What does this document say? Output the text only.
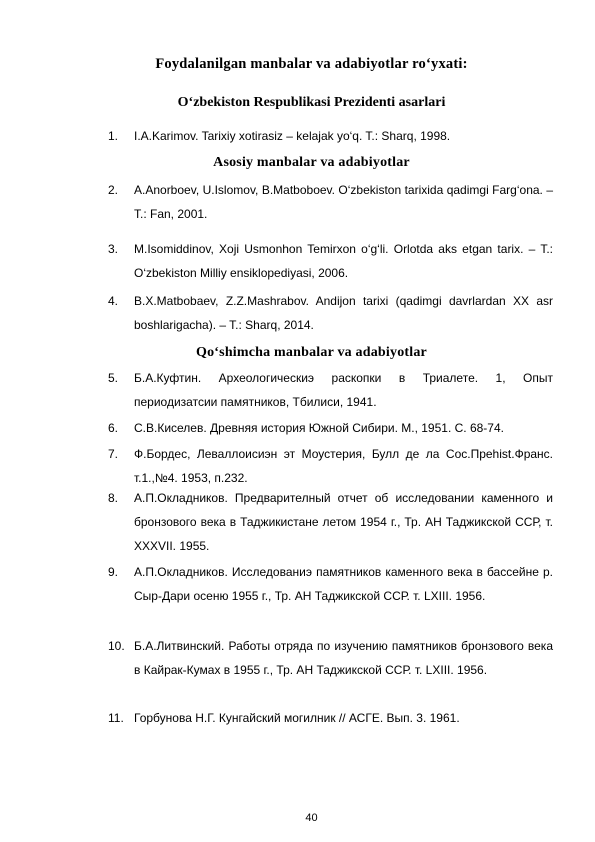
Foydalanilgan manbalar va adabiyotlar ro‘yxati:
O‘zbekiston Respublikasi Prezidenti asarlari
1. I.A.Karimov. Tarixiy xotirasiz – kelajak yo‘q. T.: Sharq, 1998.
Asosiy manbalar va adabiyotlar
2. A.Anorboev, U.Islomov, B.Matboboev. O‘zbekiston tarixida qadimgi Farg‘ona. – T.: Fan, 2001.
3. M.Isomiddinov, Xoji Usmonhon Temirxon o‘g‘li. Orlotda aks etgan tarix. – T.: O‘zbekiston Milliy ensiklopediyasi, 2006.
4. B.X.Matbobaev, Z.Z.Mashrabov. Andijon tarixi (qadimgi davrlardan XX asr boshlarigacha). – T.: Sharq, 2014.
Qo‘shimcha manbalar va adabiyotlar
5. Б.А.Куфтин. Археологическиэ раскопки в Триалете. 1, Опыт периодизатсии памятников, Тбилиси, 1941.
6. С.В.Киселев. Древняя история Южной Сибири. М., 1951. С. 68-74.
7. Ф.Бордес, Леваллоисиэн эт Моустерия, Булл де ла Сос.Прehist.Франс. т.1.,№4. 1953, п.232.
8. А.П.Окладников. Предварителный отчет об исследовании каменного и бронзового века в Таджикистане летом 1954 г., Тр. АН Таджикской ССР, т. XXXVII. 1955.
9. А.П.Окладников. Исследованиэ памятников каменного века в бассейне р. Сыр-Дари осеню 1955 г., Тр. АН Таджикской ССР. т. LXIII. 1956.
10. Б.А.Литвинский. Работы отряда по изучению памятников бронзового века в Кайрак-Кумах в 1955 г., Тр. АН Таджикской ССР. т. LXIII. 1956.
11. Горбунова Н.Г. Кунгайский могилник // АСГЕ. Вып. 3. 1961.
40
